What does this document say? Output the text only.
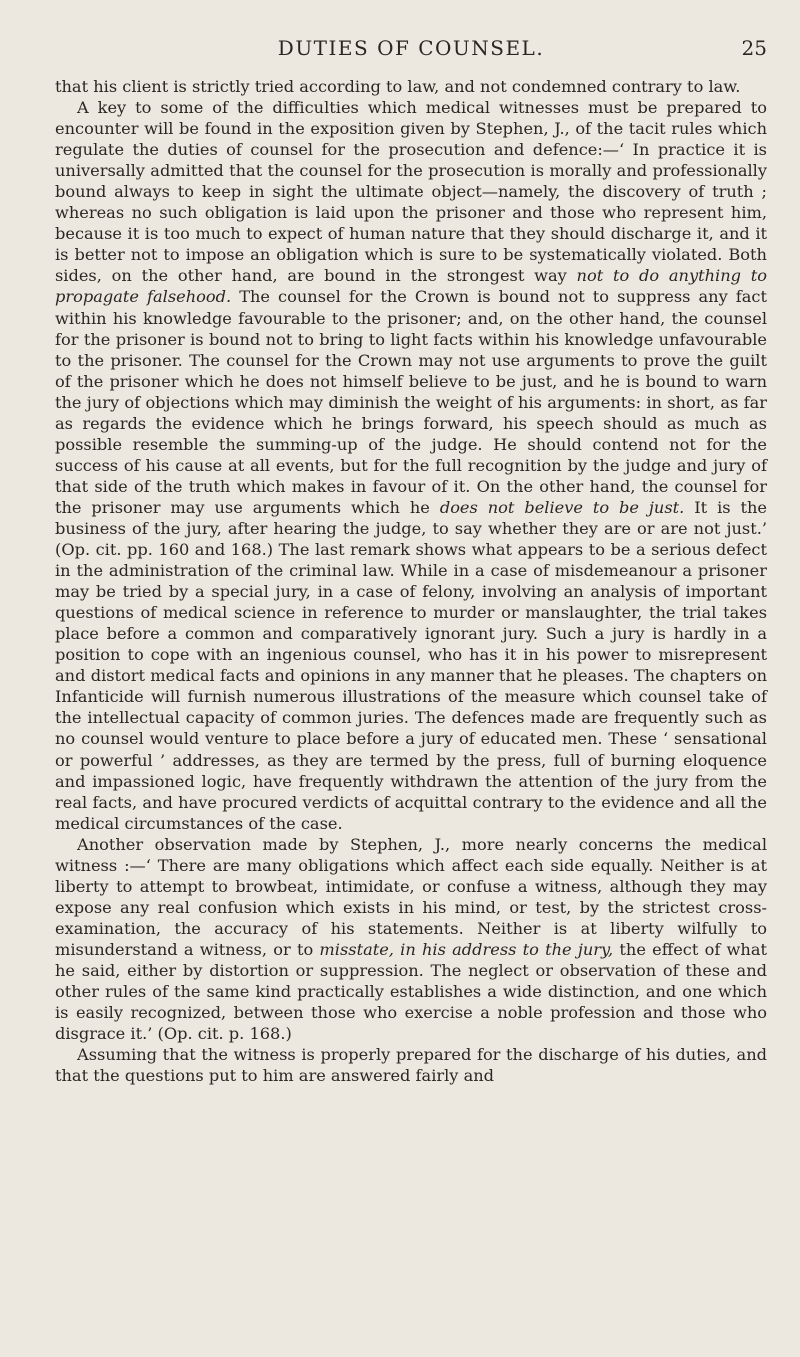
DUTIES OF COUNSEL.	25

that his client is strictly tried according to law, and not condemned contrary to law.

A key to some of the difficulties which medical witnesses must be prepared to encounter will be found in the exposition given by Stephen, J., of the tacit rules which regulate the duties of counsel for the prosecution and defence:—‘ In practice it is universally admitted that the counsel for the prosecution is morally and professionally bound always to keep in sight the ultimate object—namely, the discovery of truth ; whereas no such obligation is laid upon the prisoner and those who represent him, because it is too much to expect of human nature that they should discharge it, and it is better not to impose an obligation which is sure to be systematically violated. Both sides, on the other hand, are bound in the strongest way not to do anything to propagate falsehood. The counsel for the Crown is bound not to suppress any fact within his knowledge favourable to the prisoner; and, on the other hand, the counsel for the prisoner is bound not to bring to light facts within his knowledge unfavourable to the prisoner. The counsel for the Crown may not use arguments to prove the guilt of the prisoner which he does not himself believe to be just, and he is bound to warn the jury of objections which may diminish the weight of his arguments: in short, as far as regards the evidence which he brings forward, his speech should as much as possible resemble the summing-up of the judge. He should contend not for the success of his cause at all events, but for the full recognition by the judge and jury of that side of the truth which makes in favour of it. On the other hand, the counsel for the prisoner may use arguments which he does not believe to be just. It is the business of the jury, after hearing the judge, to say whether they are or are not just.’ (Op. cit. pp. 160 and 168.) The last remark shows what appears to be a serious defect in the administration of the criminal law. While in a case of misdemeanour a prisoner may be tried by a special jury, in a case of felony, involving an analysis of important questions of medical science in reference to murder or manslaughter, the trial takes place before a common and comparatively ignorant jury. Such a jury is hardly in a position to cope with an ingenious counsel, who has it in his power to misrepresent and distort medical facts and opinions in any manner that he pleases. The chapters on Infanticide will furnish numerous illustrations of the measure which counsel take of the intellectual capacity of common juries. The defences made are frequently such as no counsel would venture to place before a jury of educated men. These ‘ sensational or powerful ’ addresses, as they are termed by the press, full of burning eloquence and impassioned logic, have frequently withdrawn the attention of the jury from the real facts, and have procured verdicts of acquittal contrary to the evidence and all the medical circumstances of the case.

Another observation made by Stephen, J., more nearly concerns the medical witness :—‘ There are many obligations which affect each side equally. Neither is at liberty to attempt to browbeat, intimidate, or confuse a witness, although they may expose any real confusion which exists in his mind, or test, by the strictest cross-examination, the accuracy of his statements. Neither is at liberty wilfully to misunderstand a witness, or to misstate, in his address to the jury, the effect of what he said, either by distortion or suppression. The neglect or observation of these and other rules of the same kind practically establishes a wide distinction, and one which is easily recognized, between those who exercise a noble profession and those who disgrace it.’ (Op. cit. p. 168.)

Assuming that the witness is properly prepared for the discharge of his duties, and that the questions put to him are answered fairly and
